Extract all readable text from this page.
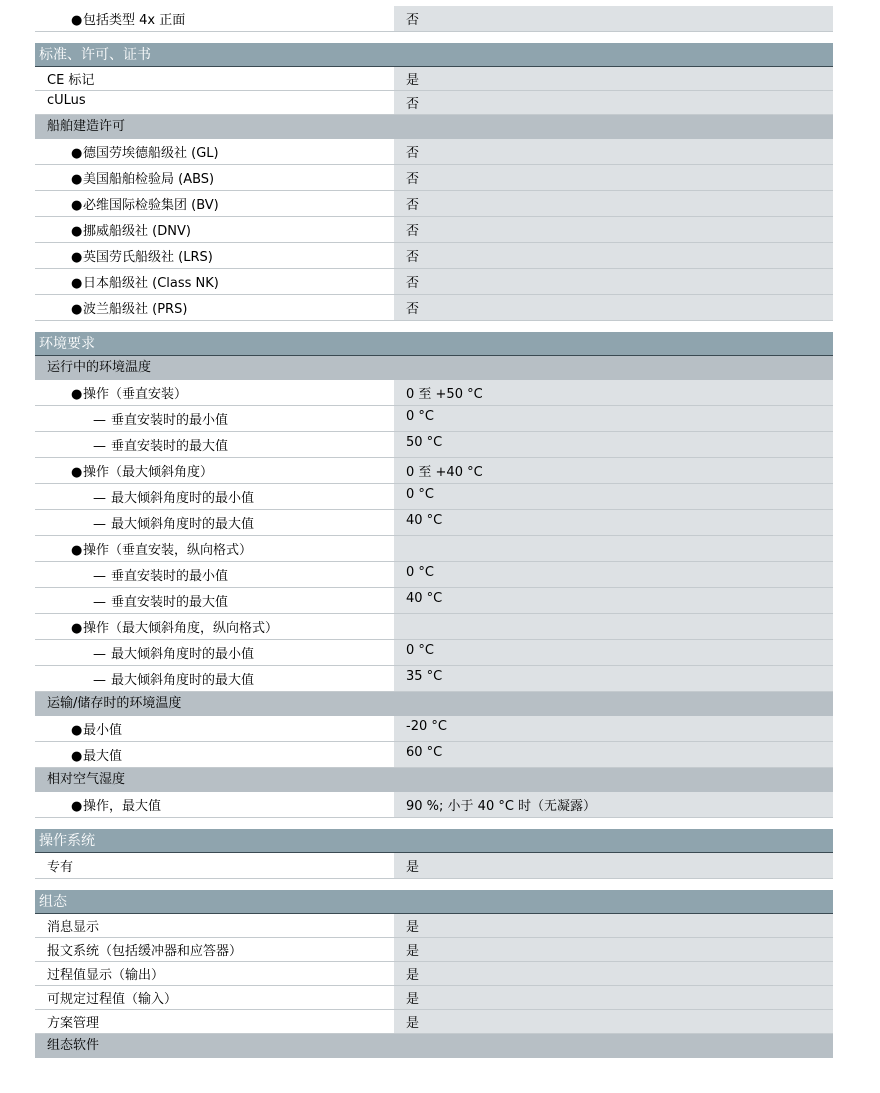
●包括类型 4x 正面	否
标准、许可、证书
CE 标记	是
cULus	否
船舶建造许可
●德国劳埃德船级社 (GL)	否
●美国船舶检验局 (ABS)	否
●必维国际检验集团 (BV)	否
●挪威船级社 (DNV)	否
●英国劳氏船级社 (LRS)	否
●日本船级社 (Class NK)	否
●波兰船级社 (PRS)	否
环境要求
运行中的环境温度
●操作（垂直安装）	0 至 +50 °C
— 垂直安装时的最小值	0 °C
— 垂直安装时的最大值	50 °C
●操作（最大倾斜角度）	0 至 +40 °C
— 最大倾斜角度时的最小值	0 °C
— 最大倾斜角度时的最大值	40 °C
●操作（垂直安装，纵向格式）
— 垂直安装时的最小值	0 °C
— 垂直安装时的最大值	40 °C
●操作（最大倾斜角度，纵向格式）
— 最大倾斜角度时的最小值	0 °C
— 最大倾斜角度时的最大值	35 °C
运输/储存时的环境温度
●最小值	-20 °C
●最大值	60 °C
相对空气湿度
●操作，最大值	90 %; 小于 40 °C 时（无凝露）
操作系统
专有	是
组态
消息显示	是
报文系统（包括缓冲器和应答器）	是
过程值显示（输出）	是
可规定过程值（输入）	是
方案管理	是
组态软件
